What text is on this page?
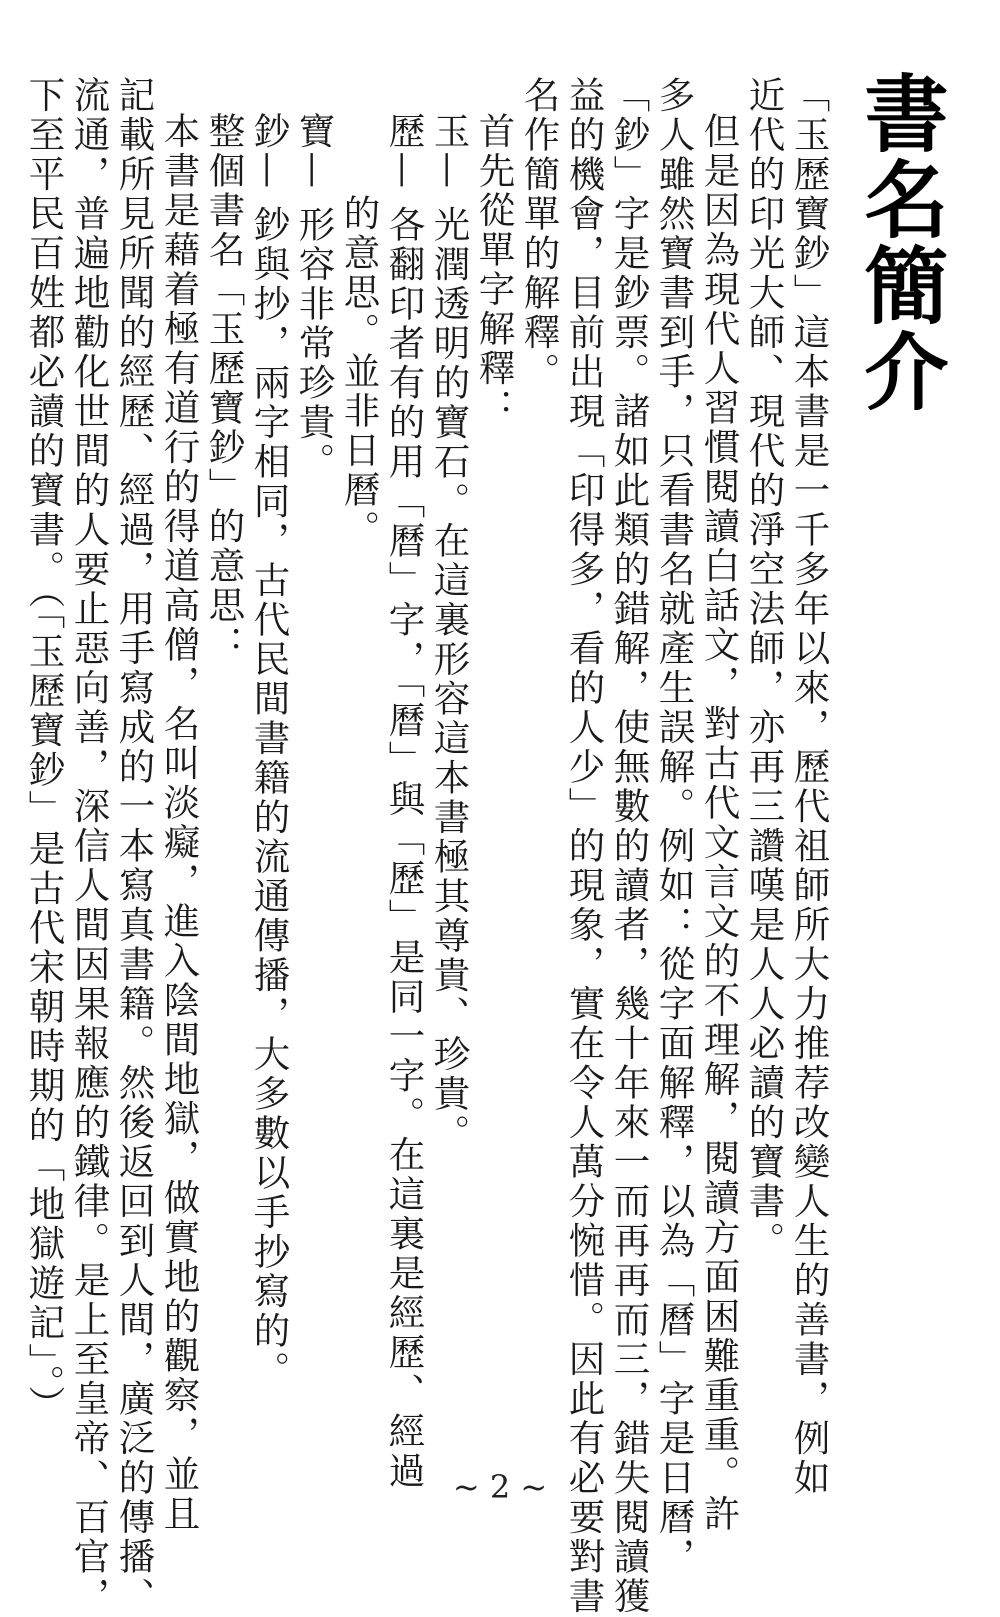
書名簡介

「玉歷寶鈔」這本書是一千多年以來，歷代祖師所大力推荐改變人生的善書，例如

近代的印光大師、現代的淨空法師，亦再三讚嘆是人人必讀的寶書。

但是因為現代人習慣閱讀白話文，對古代文言文的不理解，閱讀方面困難重重。許

多人雖然寶書到手，只看書名就產生誤解。例如：從字面解釋，以為「曆」字是日曆，

「鈔」字是鈔票。諸如此類的錯解，使無數的讀者，幾十年來一而再再而三，錯失閱讀獲

益的機會，目前出現「印得多，看的人少」的現象，實在令人萬分惋惜。因此有必要對書

名作簡單的解釋。

首先從單字解釋：

玉— 光潤透明的寶石。在這裏形容這本書極其尊貴、珍貴。

歷— 各翻印者有的用「曆」字，「曆」與「歷」是同一字。在這裏是經歷、經過

的意思。並非日曆。

寶— 形容非常珍貴。

鈔— 鈔與抄，兩字相同，古代民間書籍的流通傳播，大多數以手抄寫的。

整個書名「玉歷寶鈔」的意思：

本書是藉着極有道行的得道高僧，名叫淡癡，進入陰間地獄，做實地的觀察，並且

記載所見所聞的經歷、經過，用手寫成的一本寫真書籍。然後返回到人間，廣泛的傳播、

流通，普遍地勸化世間的人要止惡向善，深信人間因果報應的鐵律。是上至皇帝、百官，

下至平民百姓都必讀的寶書。（「玉歷寶鈔」是古代宋朝時期的「地獄遊記」。）

~ 2 ~
